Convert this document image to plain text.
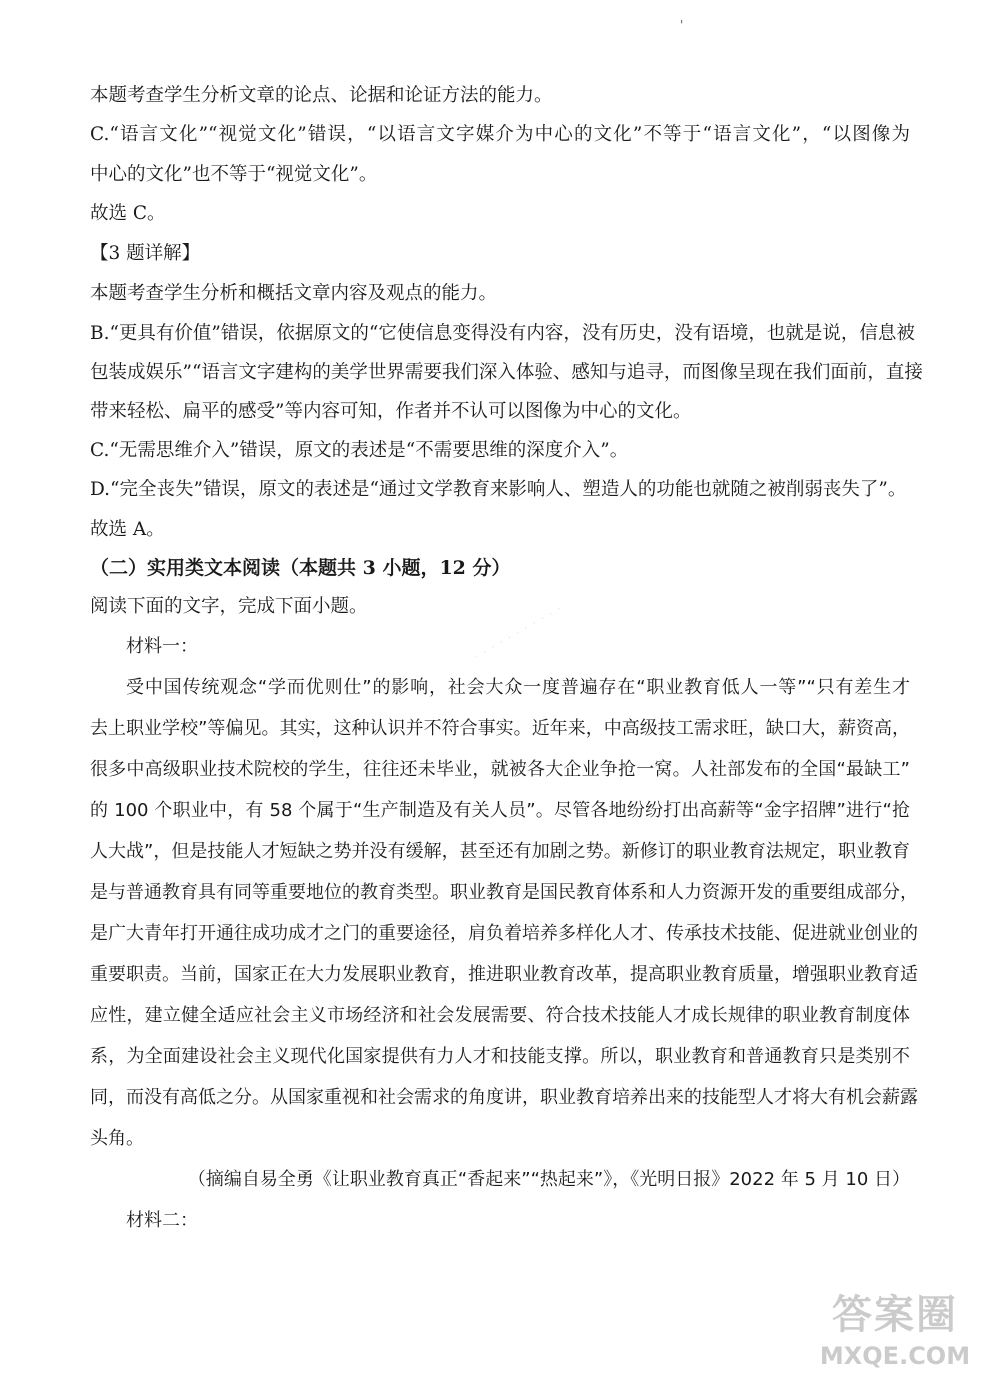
'
本题考查学生分析文章的论点、论据和论证方法的能力。
C.“语言文化”“视觉文化”错误，“以语言文字媒介为中心的文化”不等于“语言文化”，“以图像为
中心的文化”也不等于“视觉文化”。
故选 C。
【3 题详解】
本题考查学生分析和概括文章内容及观点的能力。
B.“更具有价值”错误，依据原文的“它使信息变得没有内容，没有历史，没有语境，也就是说，信息被
包装成娱乐”“语言文字建构的美学世界需要我们深入体验、感知与追寻，而图像呈现在我们面前，直接
带来轻松、扁平的感受”等内容可知，作者并不认可以图像为中心的文化。
C.“无需思维介入”错误，原文的表述是“不需要思维的深度介入”。
D.“完全丧失”错误，原文的表述是“通过文学教育来影响人、塑造人的功能也就随之被削弱丧失了”。
故选 A。
（二）实用类文本阅读（本题共 3 小题，12 分）
阅读下面的文字，完成下面小题。
材料一：
受中国传统观念“学而优则仕”的影响，社会大众一度普遍存在“职业教育低人一等”“只有差生才
去上职业学校”等偏见。其实，这种认识并不符合事实。近年来，中高级技工需求旺，缺口大，薪资高，
很多中高级职业技术院校的学生，往往还未毕业，就被各大企业争抢一窝。人社部发布的全国“最缺工”
的 100 个职业中，有 58 个属于“生产制造及有关人员”。尽管各地纷纷打出高薪等“金字招牌”进行“抢
人大战”，但是技能人才短缺之势并没有缓解，甚至还有加剧之势。新修订的职业教育法规定，职业教育
是与普通教育具有同等重要地位的教育类型。职业教育是国民教育体系和人力资源开发的重要组成部分，
是广大青年打开通往成功成才之门的重要途径，肩负着培养多样化人才、传承技术技能、促进就业创业的
重要职责。当前，国家正在大力发展职业教育，推进职业教育改革，提高职业教育质量，增强职业教育适
应性，建立健全适应社会主义市场经济和社会发展需要、符合技术技能人才成长规律的职业教育制度体
系，为全面建设社会主义现代化国家提供有力人才和技能支撑。所以，职业教育和普通教育只是类别不
同，而没有高低之分。从国家重视和社会需求的角度讲，职业教育培养出来的技能型人才将大有机会薪露
头角。
（摘编自易全勇《让职业教育真正“香起来”“热起来”》，《光明日报》2022 年 5 月 10 日）
材料二：
· · · · · · · · · · ·
答案圈
MXQE.COM
